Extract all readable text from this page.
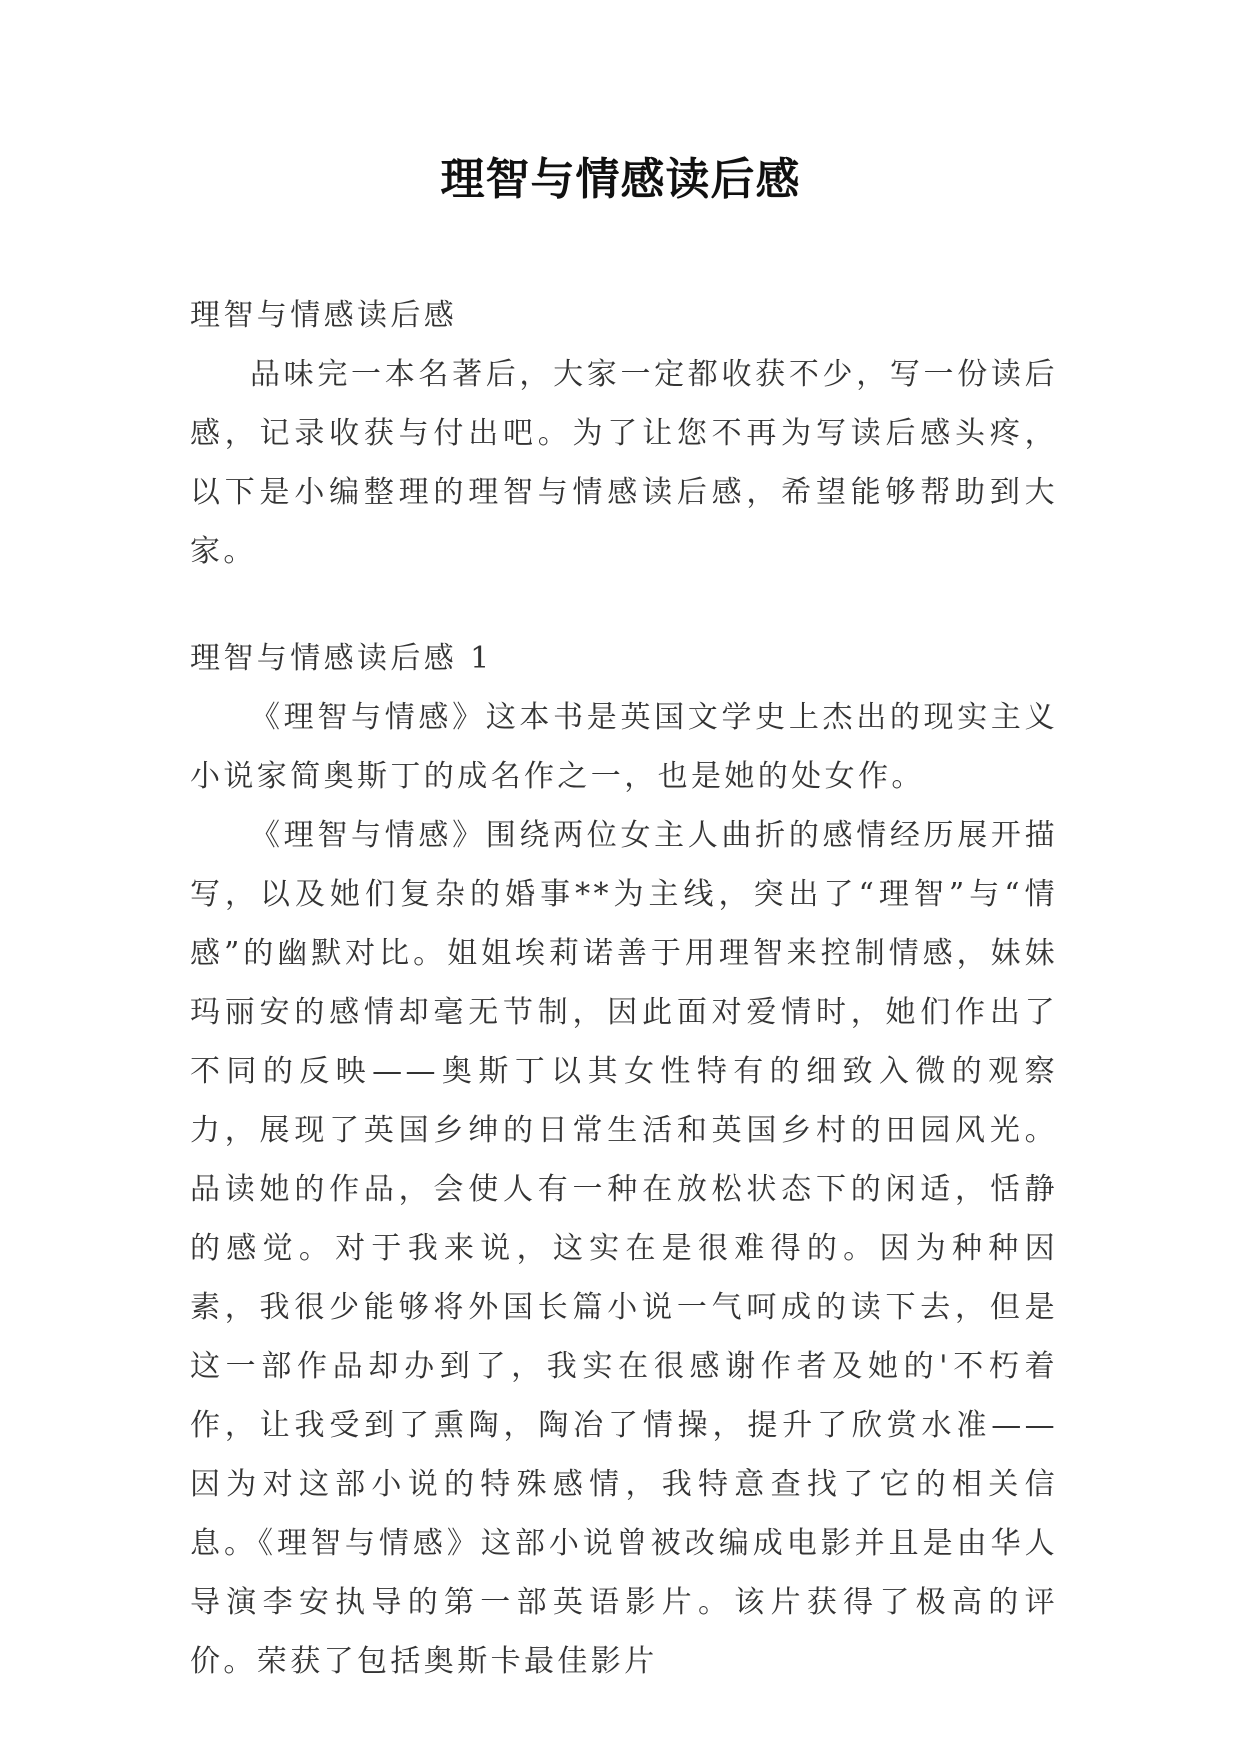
理智与情感读后感

理智与情感读后感

品味完一本名著后，大家一定都收获不少，写一份读后感，记录收获与付出吧。为了让您不再为写读后感头疼，以下是小编整理的理智与情感读后感，希望能够帮助到大家。

理智与情感读后感 1

《理智与情感》这本书是英国文学史上杰出的现实主义小说家简奥斯丁的成名作之一，也是她的处女作。

《理智与情感》围绕两位女主人曲折的感情经历展开描写，以及她们复杂的婚事**为主线，突出了“理智”与“情感”的幽默对比。姐姐埃莉诺善于用理智来控制情感，妹妹玛丽安的感情却毫无节制，因此面对爱情时，她们作出了不同的反映——奥斯丁以其女性特有的细致入微的观察力，展现了英国乡绅的日常生活和英国乡村的田园风光。品读她的作品，会使人有一种在放松状态下的闲适，恬静的感觉。对于我来说，这实在是很难得的。因为种种因素，我很少能够将外国长篇小说一气呵成的读下去，但是这一部作品却办到了，我实在很感谢作者及她的'不朽着作，让我受到了熏陶，陶冶了情操，提升了欣赏水准——因为对这部小说的特殊感情，我特意查找了它的相关信息。《理智与情感》这部小说曾被改编成电影并且是由华人导演李安执导的第一部英语影片。该片获得了极高的评价。荣获了包括奥斯卡最佳影片
